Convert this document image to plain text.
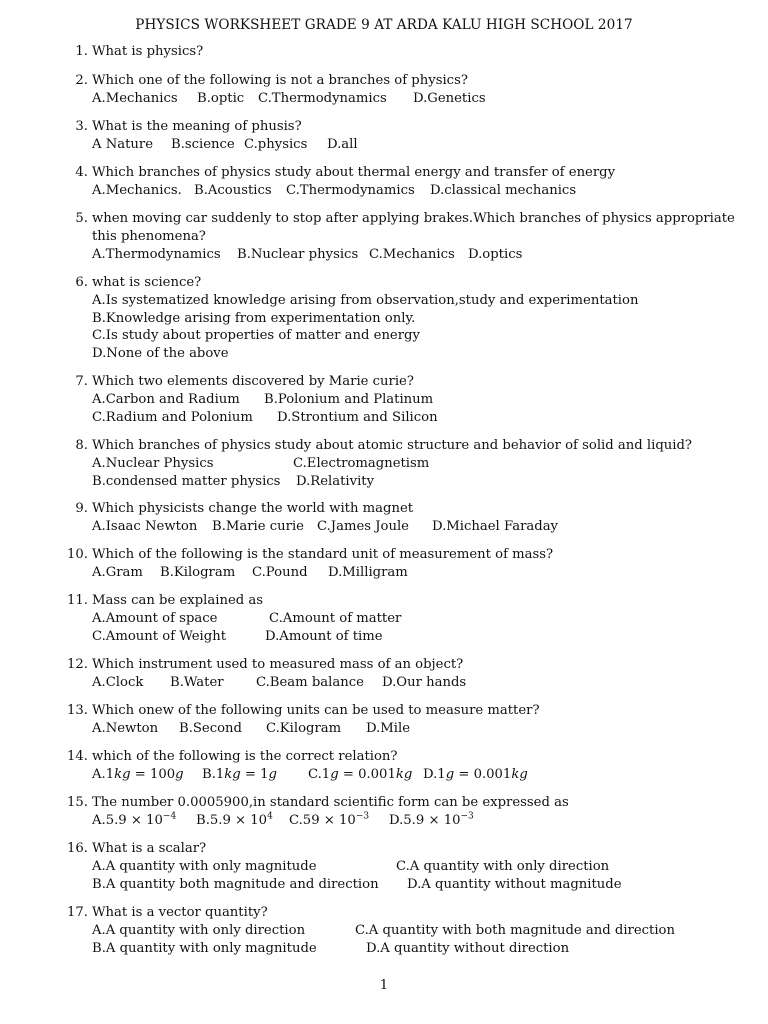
PHYSICS WORKSHEET GRADE 9 AT ARDA KALU HIGH SCHOOL 2017
1. What is physics?
2. Which one of the following is not a branches of physics?
A.Mechanics B.optic C.Thermodynamics D.Genetics
3. What is the meaning of phusis?
A Nature B.science C.physics D.all
4. Which branches of physics study about thermal energy and transfer of energy
A.Mechanics. B.Acoustics C.Thermodynamics D.classical mechanics
5. when moving car suddenly to stop after applying brakes.Which branches of physics appropriate
this phenomena?
A.Thermodynamics B.Nuclear physics C.Mechanics D.optics
6. what is science?
A.Is systematized knowledge arising from observation,study and experimentation
B.Knowledge arising from experimentation only.
C.Is study about properties of matter and energy
D.None of the above
7. Which two elements discovered by Marie curie?
A.Carbon and Radium B.Polonium and Platinum
C.Radium and Polonium D.Strontium and Silicon
8. Which branches of physics study about atomic structure and behavior of solid and liquid?
A.Nuclear Physics	C.Electromagnetism
B.condensed matter physics D.Relativity
9. Which physicists change the world with magnet
A.Isaac Newton B.Marie curie C.James Joule D.Michael Faraday
10. Which of the following is the standard unit of measurement of mass?
A.Gram B.Kilogram C.Pound D.Milligram
11. Mass can be explained as
A.Amount of space	C.Amount of matter
C.Amount of Weight	D.Amount of time
12. Which instrument used to measured mass of an object?
A.Clock B.Water C.Beam balance D.Our hands
13. Which onew of the following units can be used to measure matter?
A.Newton B.Second C.Kilogram D.Mile
14. which of the following is the correct relation?
A.1kg = 100g B.1kg = 1g C.1g = 0.001kg D.1g = 0.001kg
15. The number 0.0005900,in standard scientific form can be expressed as
$A.5.9 \times 10^{-4}$ $B.5.9 \times 10^4$ $C.59 \times 10^{-3}$ $D.5.9 \times 10^{-3}$
16. What is a scalar?
A.A quantity with only magnitude	C.A quantity with only direction
B.A quantity both magnitude and direction D.A quantity without magnitude
17. What is a vector quantity?
A.A quantity with only direction	C.A quantity with both magnitude and direction
B.A quantity with only magnitude	D.A quantity without direction
1
